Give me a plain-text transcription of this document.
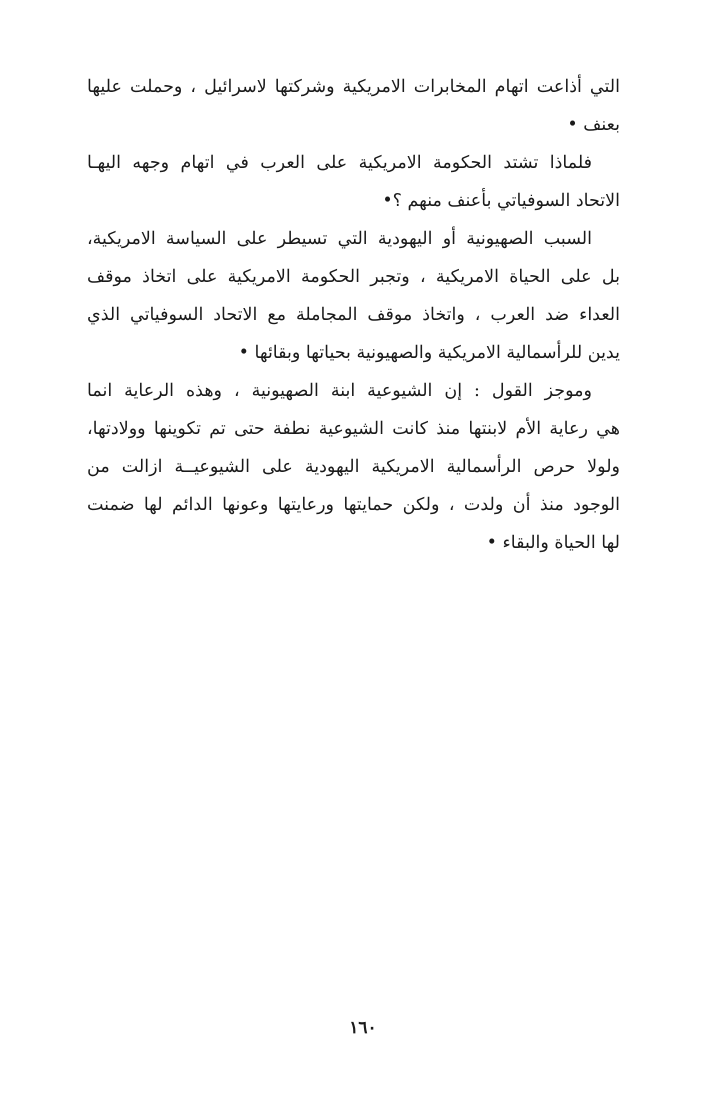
التي أذاعت اتهام المخابرات الامريكية وشركتها لاسرائيل ، وحملت عليها
بعنف •
فلماذا تشتد الحكومة الامريكية على العرب في اتهام وجهه اليهـا
الاتحاد السوفياتي بأعنف منهم ؟•
السبب الصهيونية أو اليهودية التي تسيطر على السياسة الامريكية،
بل على الحياة الامريكية ، وتجبر الحكومة الامريكية على اتخاذ موقف
العداء ضد العرب ، واتخاذ موقف المجاملة مع الاتحاد السوفياتي الذي
يدين للرأسمالية الامريكية والصهيونية بحياتها وبقائها •
وموجز القول : إن الشيوعية ابنة الصهيونية ، وهذه الرعاية انما
هي رعاية الأم لابنتها منذ كانت الشيوعية نطفة حتى تم تكوينها وولادتها،
ولولا حرص الرأسمالية الامريكية اليهودية على الشيوعيــة ازالت من
الوجود منذ أن ولدت ، ولكن حمايتها ورعايتها وعونها الدائم لها ضمنت
لها الحياة والبقاء •
١٦٠
